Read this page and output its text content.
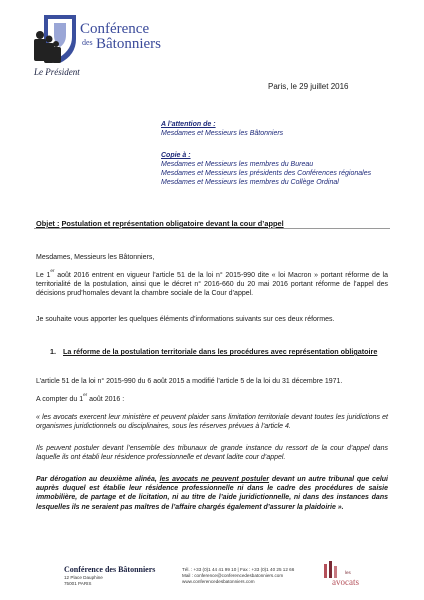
Conférence
des Bâtonniers
Le Président
Paris, le 29 juillet 2016
A l’attention de :
Mesdames et Messieurs les Bâtonniers
Copie à :
Mesdames et Messieurs les membres du Bureau
Mesdames et Messieurs les présidents des Conférences régionales
Mesdames et Messieurs les membres du Collège Ordinal
Objet : Postulation et représentation obligatoire devant la cour d’appel
Mesdames, Messieurs les Bâtonniers,
Le 1er août 2016 entrent en vigueur l’article 51 de la loi n° 2015-990 dite « loi Macron » portant réforme de la territorialité de la postulation, ainsi que le décret n° 2016-660 du 20 mai 2016 portant réforme de l’appel des décisions prud’homales devant la chambre sociale de la Cour d’appel.
Je souhaite vous apporter les quelques éléments d’informations suivants sur ces deux réformes.
1. La réforme de la postulation territoriale dans les procédures avec représentation obligatoire
L’article 51 de la loi n° 2015-990 du 6 août 2015 a modifié l’article 5 de la loi du 31 décembre 1971.
A compter du 1er août 2016 :
« les avocats exercent leur ministère et peuvent plaider sans limitation territoriale devant toutes les juridictions et organismes juridictionnels ou disciplinaires, sous les réserves prévues à l’article 4.
Ils peuvent postuler devant l’ensemble des tribunaux de grande instance du ressort de la cour d’appel dans laquelle ils ont établi leur résidence professionnelle et devant ladite cour d’appel.
Par dérogation au deuxième alinéa, les avocats ne peuvent postuler devant un autre tribunal que celui auprès duquel est établie leur résidence professionnelle ni dans le cadre des procédures de saisie immobilière, de partage et de licitation, ni au titre de l’aide juridictionnelle, ni dans des instances dans lesquelles ils ne seraient pas maîtres de l’affaire chargés également d’assurer la plaidoirie ».
Conférence des Bâtonniers
12 Place Dauphine
75001 PARIS
Tél. : +33 (0)1 44 41 99 10 | Fax : +33 (0)1 40 25 12 66
Mail : conference@conferencedesbatonniers.com
www.conferencedesbatonniers.com
les
avocats
